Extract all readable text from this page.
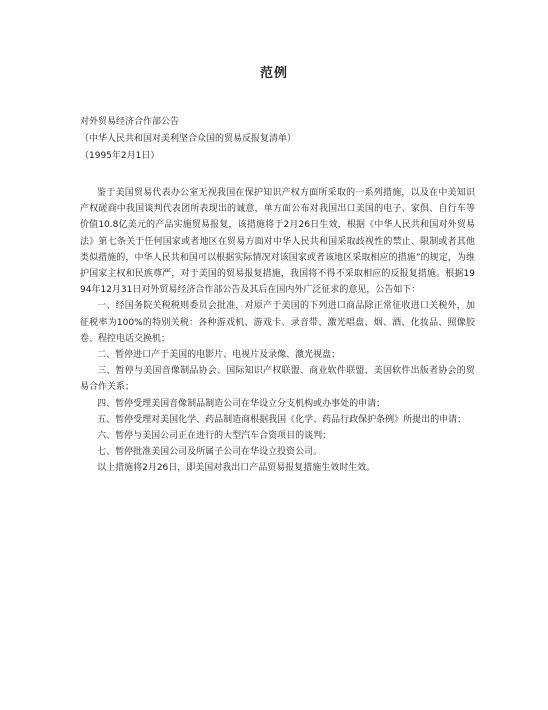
范例
对外贸易经济合作部公告
（中华人民共和国对美利坚合众国的贸易反报复清单）
（1995年2月1日）

鉴于美国贸易代表办公室无视我国在保护知识产权方面所采取的一系列措施，以及在中美知识产权磋商中我国谈判代表团所表现出的诚意，单方面公布对我国出口美国的电子、家俱、自行车等价值10.8亿美元的产品实施贸易报复，该措施将于2月26日生效，根据《中华人民共和国对外贸易法》第七条关于任何国家或者地区在贸易方面对中华人民共和国采取歧视性的禁止、限制或者其他类似措施的，中华人民共和国可以根据实际情况对该国家或者该地区采取相应的措施”的规定，为维护国家主权和民族尊严，对于美国的贸易报复措施，我国将不得不采取相应的反报复措施。根据1994年12月31日对外贸易经济合作部公告及其后在国内外广泛征求的意见，公告如下：

一、经国务院关税税则委员会批准，对原产于美国的下列进口商品除正常征收进口关税外，加征税率为100%的特别关税：各种游戏机、游戏卡、录音带、激光唱盘、烟、酒、化妆品、照像胶卷、程控电话交换机；

二、暂停进口产于美国的电影片、电视片及录像、激光视盘；

三、暂停与美国音像制品协会、国际知识产权联盟、商业软件联盟、美国软件出版者协会的贸易合作关系；

四、暂停受理美国音像制品制造公司在华设立分支机构或办事处的申请；

五、暂停受理对美国化学、药品制造商根据我国《化学、药品行政保护条例》所提出的申请；

六、暂停与美国公司正在进行的大型汽车合资项目的谈判；

七、暂停批准美国公司及所属子公司在华设立投资公司。

以上措施将2月26日，即美国对我出口产品贸易报复措施生效时生效。
